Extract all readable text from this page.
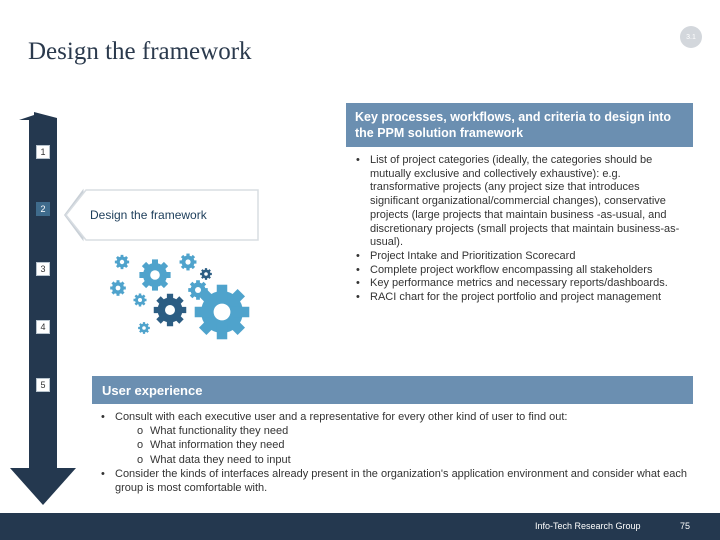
Design the framework
3.1
1
2
3
4
5
Design the framework
Key processes, workflows, and criteria to design into the PPM solution framework
• List of project categories (ideally, the categories should be mutually exclusive and collectively exhaustive): e.g. transformative projects (any project size that introduces significant organizational/commercial changes), conservative projects (large projects that maintain business -as-usual, and discretionary projects (small projects that maintain business-as-usual).
• Project Intake and Prioritization Scorecard
• Complete project workflow encompassing all stakeholders
• Key performance metrics and necessary reports/dashboards.
• RACI chart for the project portfolio and project management
User experience
• Consult with each executive user and a representative for every other kind of user to find out:
o What functionality they need
o What information they need
o What data they need to input
• Consider the kinds of interfaces already present in the organization's application environment and consider what each group is most comfortable with.
Info-Tech Research Group	75
